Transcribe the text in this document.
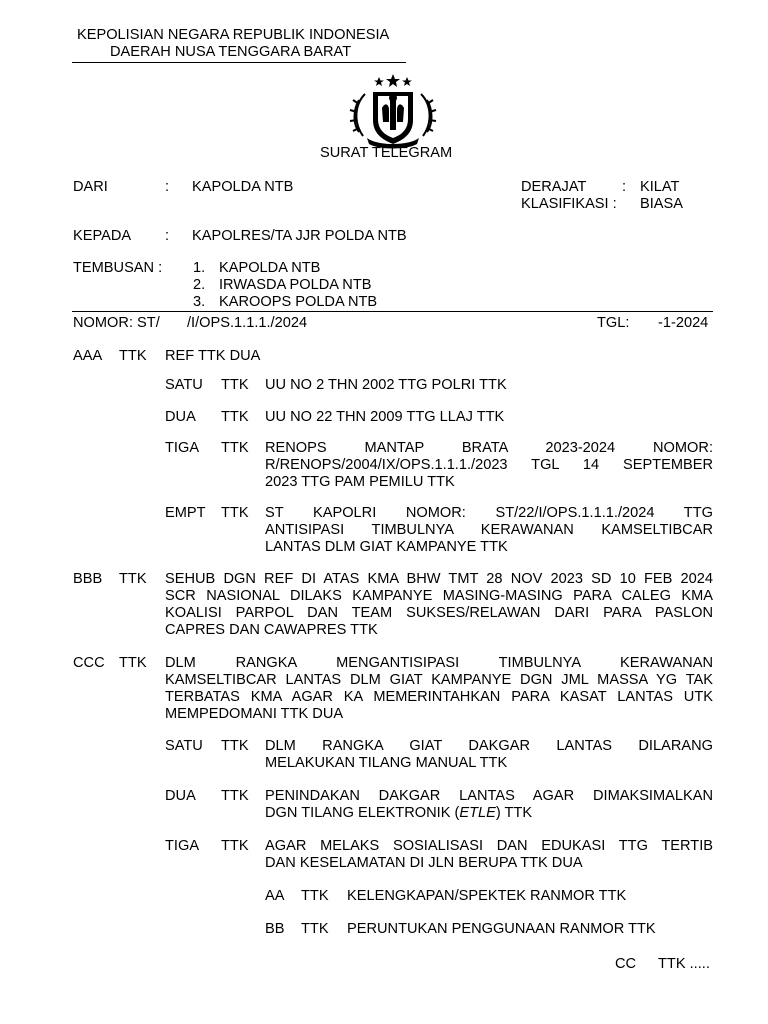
KEPOLISIAN NEGARA REPUBLIK INDONESIA
DAERAH NUSA TENGGARA BARAT
SURAT TELEGRAM
DARI	: KAPOLDA NTB	DERAJAT : KILAT
KLASIFIKASI : BIASA
KEPADA : KAPOLRES/TA JJR POLDA NTB
TEMBUSAN : 1. KAPOLDA NTB
2. IRWASDA POLDA NTB
3. KAROOPS POLDA NTB
NOMOR: ST/ /I/OPS.1.1.1./2024	TGL: -1-2024
AAA TTK REF TTK DUA
SATU TTK UU NO 2 THN 2002 TTG POLRI TTK
DUA TTK UU NO 22 THN 2009 TTG LLAJ TTK
TIGA TTK RENOPS MANTAP BRATA 2023-2024 NOMOR:
R/RENOPS/2004/IX/OPS.1.1.1./2023 TGL 14 SEPTEMBER
2023 TTG PAM PEMILU TTK
EMPT TTK ST KAPOLRI NOMOR: ST/22/I/OPS.1.1.1./2024 TTG
ANTISIPASI TIMBULNYA KERAWANAN KAMSELTIBCAR
LANTAS DLM GIAT KAMPANYE TTK
BBB TTK SEHUB DGN REF DI ATAS KMA BHW TMT 28 NOV 2023 SD 10 FEB 2024
SCR NASIONAL DILAKS KAMPANYE MASING-MASING PARA CALEG KMA
KOALISI PARPOL DAN TEAM SUKSES/RELAWAN DARI PARA PASLON
CAPRES DAN CAWAPRES TTK
CCC TTK DLM RANGKA MENGANTISIPASI TIMBULNYA KERAWANAN
KAMSELTIBCAR LANTAS DLM GIAT KAMPANYE DGN JML MASSA YG TAK
TERBATAS KMA AGAR KA MEMERINTAHKAN PARA KASAT LANTAS UTK
MEMPEDOMANI TTK DUA
SATU TTK DLM RANGKA GIAT DAKGAR LANTAS DILARANG
MELAKUKAN TILANG MANUAL TTK
DUA TTK PENINDAKAN DAKGAR LANTAS AGAR DIMAKSIMALKAN
DGN TILANG ELEKTRONIK (ETLE) TTK
TIGA TTK AGAR MELAKS SOSIALISASI DAN EDUKASI TTG TERTIB
DAN KESELAMATAN DI JLN BERUPA TTK DUA
AA TTK KELENGKAPAN/SPEKTEK RANMOR TTK
BB TTK PERUNTUKAN PENGGUNAAN RANMOR TTK
CC TTK .....
